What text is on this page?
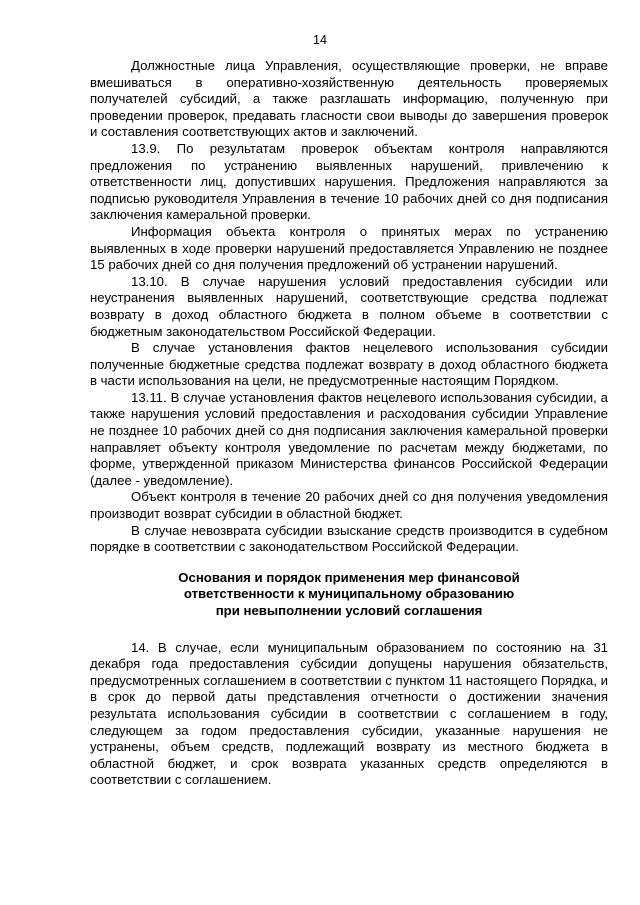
14

Должностные лица Управления, осуществляющие проверки, не вправе вмешиваться в оперативно-хозяйственную деятельность проверяемых получателей субсидий, а также разглашать информацию, полученную при проведении проверок, предавать гласности свои выводы до завершения проверок и составления соответствующих актов и заключений.

13.9. По результатам проверок объектам контроля направляются предложения по устранению выявленных нарушений, привлечению к ответственности лиц, допустивших нарушения. Предложения направляются за подписью руководителя Управления в течение 10 рабочих дней со дня подписания заключения камеральной проверки.

Информация объекта контроля о принятых мерах по устранению выявленных в ходе проверки нарушений предоставляется Управлению не позднее 15 рабочих дней со дня получения предложений об устранении нарушений.

13.10. В случае нарушения условий предоставления субсидии или неустранения выявленных нарушений, соответствующие средства подлежат возврату в доход областного бюджета в полном объеме в соответствии с бюджетным законодательством Российской Федерации.

В случае установления фактов нецелевого использования субсидии полученные бюджетные средства подлежат возврату в доход областного бюджета в части использования на цели, не предусмотренные настоящим Порядком.

13.11. В случае установления фактов нецелевого использования субсидии, а также нарушения условий предоставления и расходования субсидии Управление не позднее 10 рабочих дней со дня подписания заключения камеральной проверки направляет объекту контроля уведомление по расчетам между бюджетами, по форме, утвержденной приказом Министерства финансов Российской Федерации (далее - уведомление).

Объект контроля в течение 20 рабочих дней со дня получения уведомления производит возврат субсидии в областной бюджет.

В случае невозврата субсидии взыскание средств производится в судебном порядке в соответствии с законодательством Российской Федерации.

Основания и порядок применения мер финансовой
ответственности к муниципальному образованию
при невыполнении условий соглашения

14. В случае, если муниципальным образованием по состоянию на 31 декабря года предоставления субсидии допущены нарушения обязательств, предусмотренных соглашением в соответствии с пунктом 11 настоящего Порядка, и в срок до первой даты представления отчетности о достижении значения результата использования субсидии в соответствии с соглашением в году, следующем за годом предоставления субсидии, указанные нарушения не устранены, объем средств, подлежащий возврату из местного бюджета в областной бюджет, и срок возврата указанных средств определяются в соответствии с соглашением.
